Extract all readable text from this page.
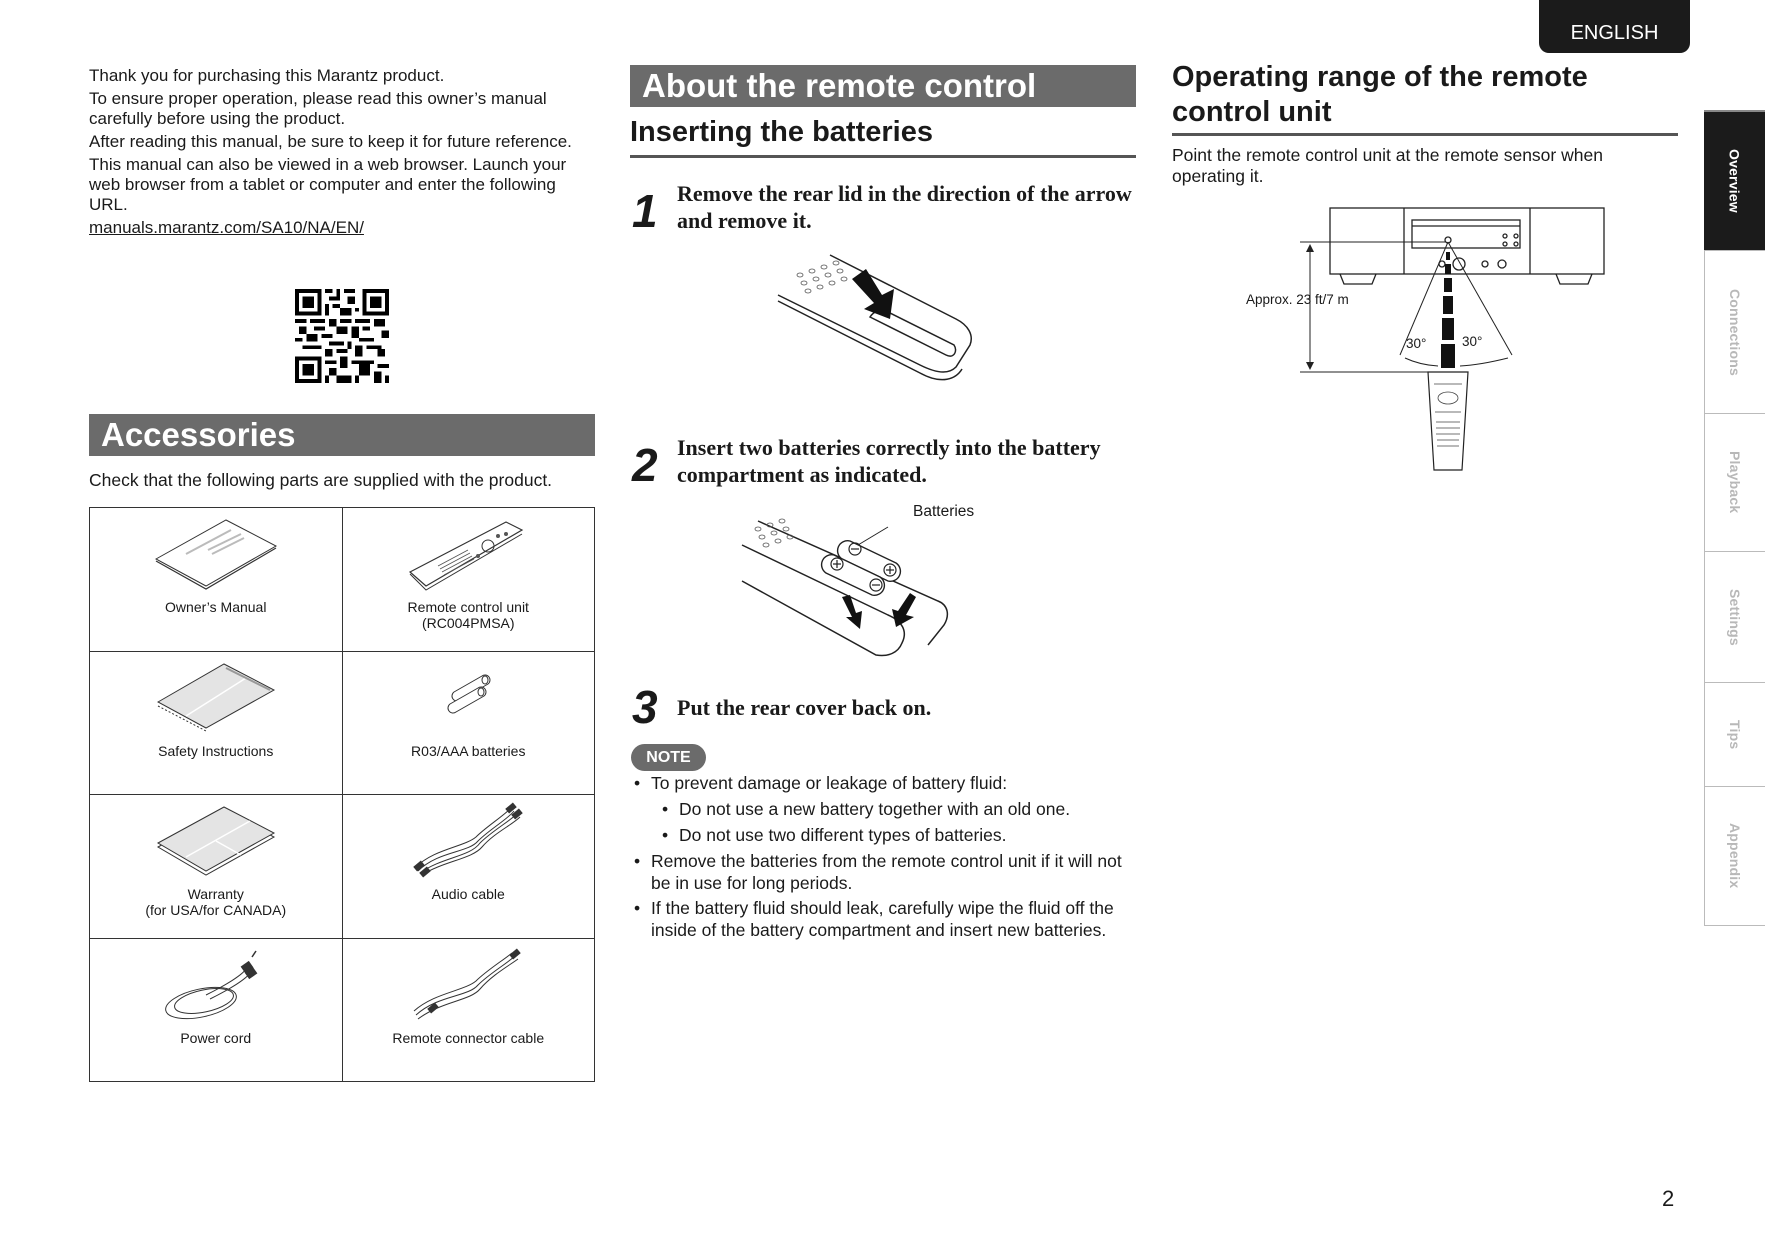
ENGLISH
Overview
Connections
Playback
Settings
Tips
Appendix

Thank you for purchasing this Marantz product.

To ensure proper operation, please read this owner’s manual carefully before using the product.

After reading this manual, be sure to keep it for future reference.

This manual can also be viewed in a web browser. Launch your web browser from a tablet or computer and enter the following URL.

manuals.marantz.com/SA10/NA/EN/
Accessories
Check that the following parts are supplied with the product.
Owner’s Manual	Remote control unit
(RC004PMSA)

Safety Instructions	R03/AAA batteries

Warranty
(for USA/for CANADA)	Audio cable

Power cord	Remote connector cable
About the remote control
Inserting the batteries
1 Remove the rear lid in the direction of the arrow and remove it.
2 Insert two batteries correctly into the battery compartment as indicated.
Batteries
3 Put the rear cover back on.
NOTE
• To prevent damage or leakage of battery fluid:
• Do not use a new battery together with an old one.
• Do not use two different types of batteries.
• Remove the batteries from the remote control unit if it will not be in use for long periods.
• If the battery fluid should leak, carefully wipe the fluid off the inside of the battery compartment and insert new batteries.
Operating range of the remote control unit
Point the remote control unit at the remote sensor when operating it.
Approx. 23 ft/7 m
30°	30°
2
